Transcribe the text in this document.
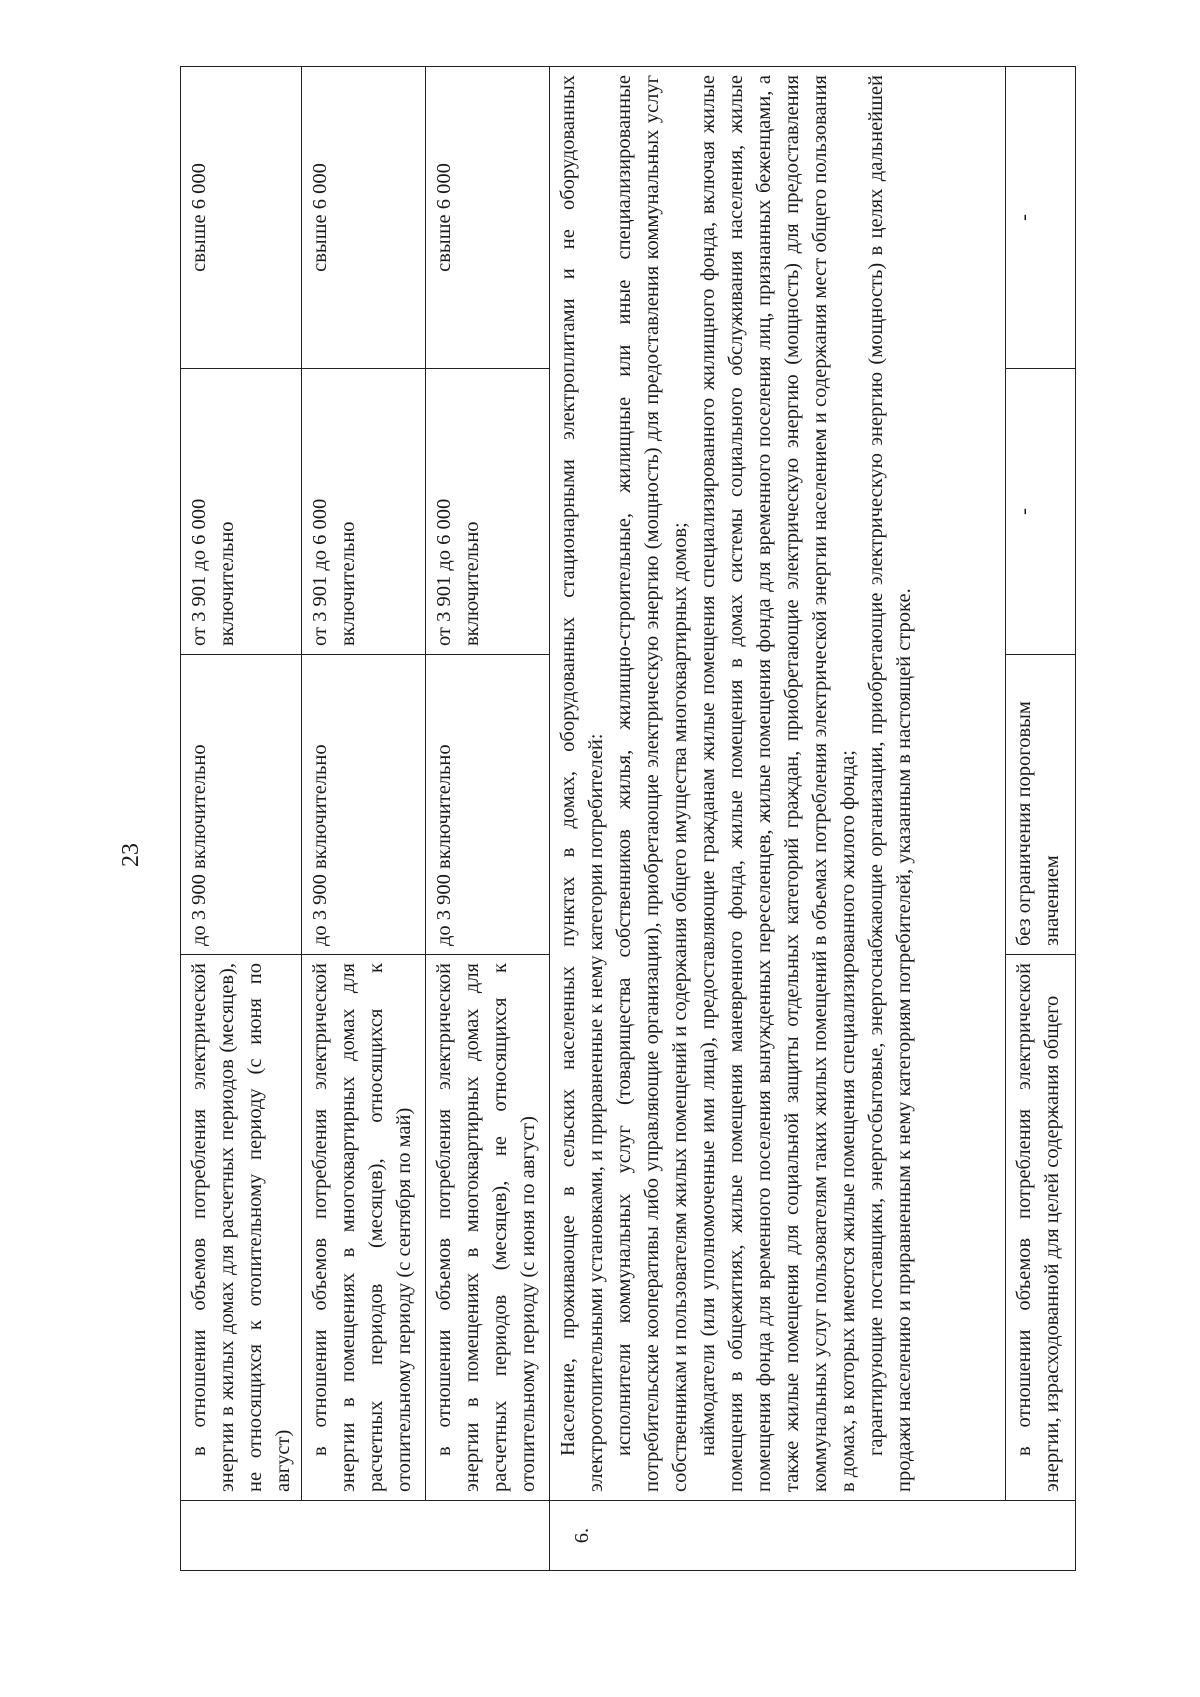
23
	в отношении объемов потребления электрической энергии в жилых домах для расчетных периодов (месяцев), не относящихся к отопительному периоду (с июня по август)	до 3 900 включительно	от 3 901 до 6 000 включительно	свыше 6 000
	в отношении объемов потребления электрической энергии в помещениях в многоквартирных домах для расчетных периодов (месяцев), относящихся к отопительному периоду (с сентября по май)	до 3 900 включительно	от 3 901 до 6 000 включительно	свыше 6 000
	в отношении объемов потребления электрической энергии в помещениях в многоквартирных домах для расчетных периодов (месяцев), не относящихся к отопительному периоду (с июня по август)	до 3 900 включительно	от 3 901 до 6 000 включительно	свыше 6 000
6.	Население, проживающее в сельских населенных пунктах в домах, оборудованных стационарными электроплитами и не оборудованных электроотопительными установками, и приравненные к нему категории потребителей: исполнители коммунальных услуг (товарищества собственников жилья, жилищно-строительные, жилищные или иные специализированные потребительские кооперативы либо управляющие организации), приобретающие электрическую энергию (мощность) для предоставления коммунальных услуг собственникам и пользователям жилых помещений и содержания общего имущества многоквартирных домов; наймодатели (или уполномоченные ими лица), предоставляющие гражданам жилые помещения специализированного жилищного фонда, включая жилые помещения в общежитиях, жилые помещения маневренного фонда, жилые помещения в домах системы социального обслуживания населения, жилые помещения фонда для временного поселения вынужденных переселенцев, жилые помещения фонда для временного поселения лиц, признанных беженцами, а также жилые помещения для социальной защиты отдельных категорий граждан, приобретающие электрическую энергию (мощность) для предоставления коммунальных услуг пользователям таких жилых помещений в объемах потребления электрической энергии населением и содержания мест общего пользования в домах, в которых имеются жилые помещения специализированного жилого фонда; гарантирующие поставщики, энергосбытовые, энергоснабжающие организации, приобретающие электрическую энергию (мощность) в целях дальнейшей продажи населению и приравненным к нему категориям потребителей, указанным в настоящей строке.			

	в отношении объемов потребления электрической энергии, израсходованной для целей содержания общего	без ограничения пороговым значением	-	-
